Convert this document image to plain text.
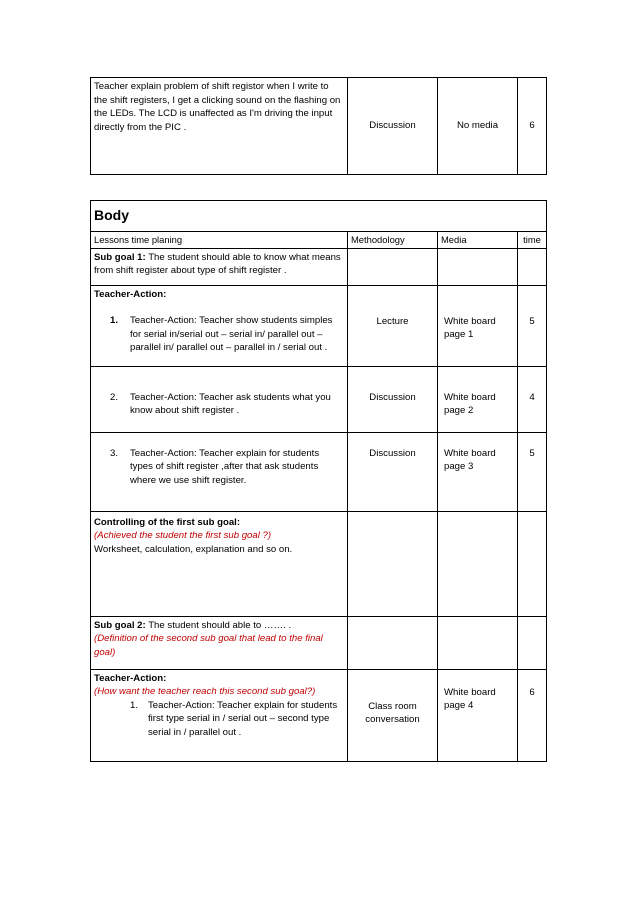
Teacher explain problem of shift registor when I write to the shift registers, I get a clicking sound on the flashing on the LEDs. The LCD is unaffected as I'm driving the input directly from the PIC .	Discussion	No media	6
Body			
Lessons time planing	Methodology	Media	time
Sub goal 1: The student should able to know what means from shift register about type of shift register .			

Teacher-Action:
1. Teacher-Action: Teacher show students simples for serial in/serial out – serial in/ parallel out – parallel in/ parallel out – parallel in / serial out .	Lecture	White board page 1	5

2. Teacher-Action: Teacher ask students what you know about shift register .	Discussion	White board page 2	4

3. Teacher-Action: Teacher explain for students types of shift register ,after that ask students where we use shift register.	Discussion	White board page 3	5

Controlling of the first sub goal:
(Achieved the student the first sub goal ?)
Worksheet, calculation, explanation and so on.			

Sub goal 2: The student should able to ……. .
(Definition of the second sub goal that lead to the final goal)			

Teacher-Action:
(How want the teacher reach this second sub goal?)
1. Teacher-Action: Teacher explain for students first type serial in / serial out – second type serial in / parallel out .	Class room conversation	White board page 4	6
